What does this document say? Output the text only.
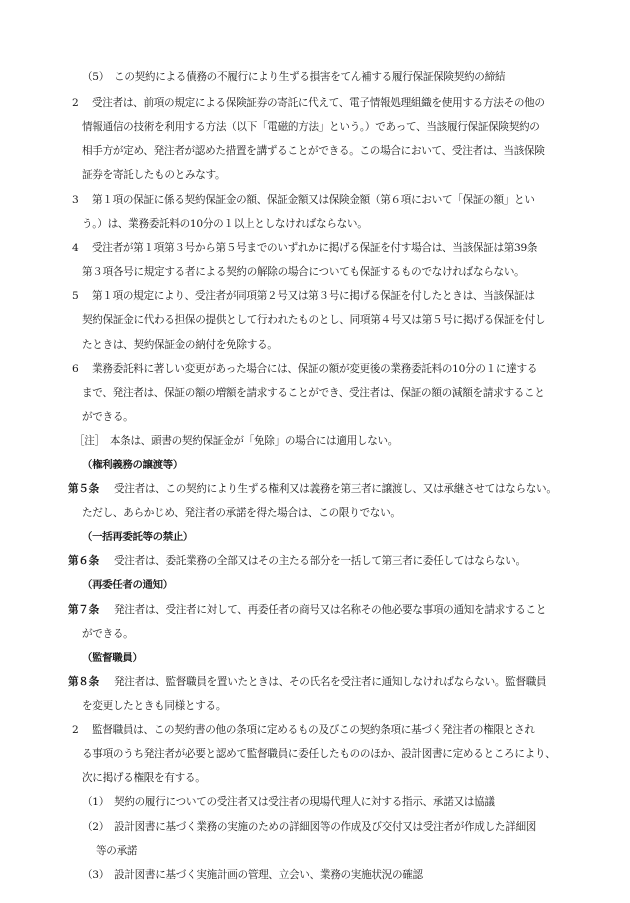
（5）　この契約による債務の不履行により生ずる損害をてん補する履行保証保険契約の締結
2 受注者は、前項の規定による保険証券の寄託に代えて、電子情報処理組織を使用する方法その他の
情報通信の技術を利用する方法（以下「電磁的方法」という。）であって、当該履行保証保険契約の
相手方が定め、発注者が認めた措置を講ずることができる。この場合において、受注者は、当該保険
証券を寄託したものとみなす。
3 第１項の保証に係る契約保証金の額、保証金額又は保険金額（第６項において「保証の額」とい
う。）は、業務委託料の10分の１以上としなければならない。
4 受注者が第１項第３号から第５号までのいずれかに掲げる保証を付す場合は、当該保証は第39条
第３項各号に規定する者による契約の解除の場合についても保証するものでなければならない。
5 第１項の規定により、受注者が同項第２号又は第３号に掲げる保証を付したときは、当該保証は
契約保証金に代わる担保の提供として行われたものとし、同項第４号又は第５号に掲げる保証を付し
たときは、契約保証金の納付を免除する。
6 業務委託料に著しい変更があった場合には、保証の額が変更後の業務委託料の10分の１に達する
まで、発注者は、保証の額の増額を請求することができ、受注者は、保証の額の減額を請求すること
ができる。
［注］　本条は、頭書の契約保証金が「免除」の場合には適用しない。
（権利義務の譲渡等）
第５条 受注者は、この契約により生ずる権利又は義務を第三者に譲渡し、又は承継させてはならない。
ただし、あらかじめ、発注者の承諾を得た場合は、この限りでない。
（一括再委託等の禁止）
第６条 受注者は、委託業務の全部又はその主たる部分を一括して第三者に委任してはならない。
（再委任者の通知）
第７条 発注者は、受注者に対して、再委任者の商号又は名称その他必要な事項の通知を請求すること
ができる。
（監督職員）
第８条 発注者は、監督職員を置いたときは、その氏名を受注者に通知しなければならない。監督職員
を変更したときも同様とする。
2 監督職員は、この契約書の他の条項に定めるもの及びこの契約条項に基づく発注者の権限とされ
る事項のうち発注者が必要と認めて監督職員に委任したもののほか、設計図書に定めるところにより、
次に掲げる権限を有する。
（1）　契約の履行についての受注者又は受注者の現場代理人に対する指示、承諾又は協議
（2）　設計図書に基づく業務の実施のための詳細図等の作成及び交付又は受注者が作成した詳細図
等の承諾
（3）　設計図書に基づく実施計画の管理、立会い、業務の実施状況の確認
